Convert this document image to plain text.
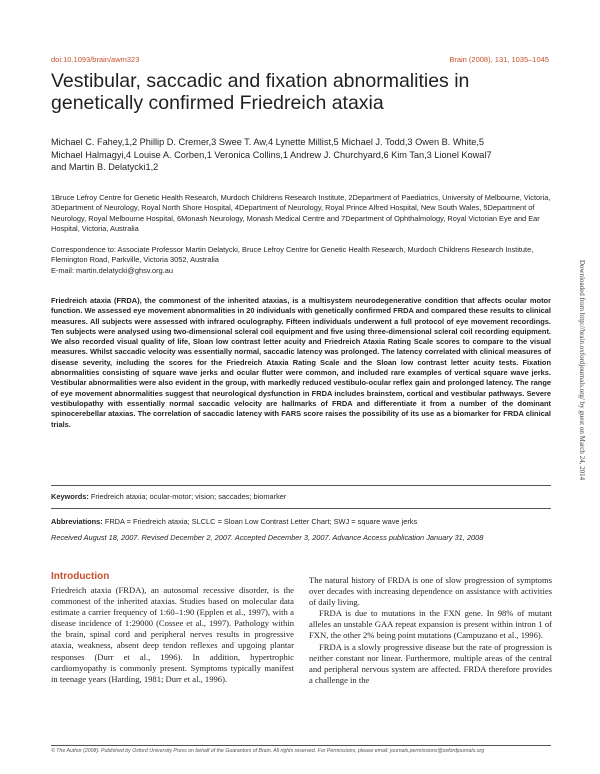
doi:10.1093/brain/awm323	Brain (2008), 131, 1035–1045
Vestibular, saccadic and fixation abnormalities in genetically confirmed Friedreich ataxia
Michael C. Fahey,1,2 Phillip D. Cremer,3 Swee T. Aw,4 Lynette Millist,5 Michael J. Todd,3 Owen B. White,5
Michael Halmagyi,4 Louise A. Corben,1 Veronica Collins,1 Andrew J. Churchyard,6 Kim Tan,3 Lionel Kowal7
and Martin B. Delatycki1,2
1Bruce Lefroy Centre for Genetic Health Research, Murdoch Childrens Research Institute, 2Department of Paediatrics, University of Melbourne, Victoria, 3Department of Neurology, Royal North Shore Hospital, 4Department of Neurology, Royal Prince Alfred Hospital, New South Wales, 5Department of Neurology, Royal Melbourne Hospital, 6Monash Neurology, Monash Medical Centre and 7Department of Ophthalmology, Royal Victorian Eye and Ear Hospital, Victoria, Australia
Correspondence to: Associate Professor Martin Delatycki, Bruce Lefroy Centre for Genetic Health Research, Murdoch Childrens Research Institute, Flemington Road, Parkville, Victoria 3052, Australia
E-mail: martin.delatycki@ghsv.org.au
Friedreich ataxia (FRDA), the commonest of the inherited ataxias, is a multisystem neurodegenerative condition that affects ocular motor function. We assessed eye movement abnormalities in 20 individuals with genetically confirmed FRDA and compared these results to clinical measures. All subjects were assessed with infrared oculography. Fifteen individuals underwent a full protocol of eye movement recordings. Ten subjects were analysed using two-dimensional scleral coil equipment and five using three-dimensional scleral coil recording equipment. We also recorded visual quality of life, Sloan low contrast letter acuity and Friedreich Ataxia Rating Scale scores to compare to the visual measures. Whilst saccadic velocity was essentially normal, saccadic latency was prolonged. The latency correlated with clinical measures of disease severity, including the scores for the Friedreich Ataxia Rating Scale and the Sloan low contrast letter acuity tests. Fixation abnormalities consisting of square wave jerks and ocular flutter were common, and included rare examples of vertical square wave jerks. Vestibular abnormalities were also evident in the group, with markedly reduced vestibulo-ocular reflex gain and prolonged latency. The range of eye movement abnormalities suggest that neurological dysfunction in FRDA includes brainstem, cortical and vestibular pathways. Severe vestibulopathy with essentially normal saccadic velocity are hallmarks of FRDA and differentiate it from a number of the dominant spinocerebellar ataxias. The correlation of saccadic latency with FARS score raises the possibility of its use as a biomarker for FRDA clinical trials.
Keywords: Friedreich ataxia; ocular-motor; vision; saccades; biomarker
Abbreviations: FRDA = Friedreich ataxia; SLCLC = Sloan Low Contrast Letter Chart; SWJ = square wave jerks
Received August 18, 2007. Revised December 2, 2007. Accepted December 3, 2007. Advance Access publication January 31, 2008
Introduction

Friedreich ataxia (FRDA), an autosomal recessive disorder, is the commonest of the inherited ataxias. Studies based on molecular data estimate a carrier frequency of 1:60–1:90 (Epplen et al., 1997), with a disease incidence of 1:29000 (Cossee et al., 1997). Pathology within the brain, spinal cord and peripheral nerves results in progressive ataxia, weakness, absent deep tendon reflexes and upgoing plantar responses (Durr et al., 1996). In addition, hypertrophic cardiomyopathy is commonly present. Symptoms typically manifest in teenage years (Harding, 1981; Durr et al., 1996).

The natural history of FRDA is one of slow progression of symptoms over decades with increasing dependence on assistance with activities of daily living.

FRDA is due to mutations in the FXN gene. In 98% of mutant alleles an unstable GAA repeat expansion is present within intron 1 of FXN, the other 2% being point mutations (Campuzano et al., 1996).

FRDA is a slowly progressive disease but the rate of progression is neither constant nor linear. Furthermore, multiple areas of the central and peripheral nervous system are affected. FRDA therefore provides a challenge in the

© The Author (2008). Published by Oxford University Press on behalf of the Guarantors of Brain. All rights reserved. For Permissions, please email: journals.permissions@oxfordjournals.org
Downloaded from http://brain.oxfordjournals.org/ by guest on March 24, 2014
